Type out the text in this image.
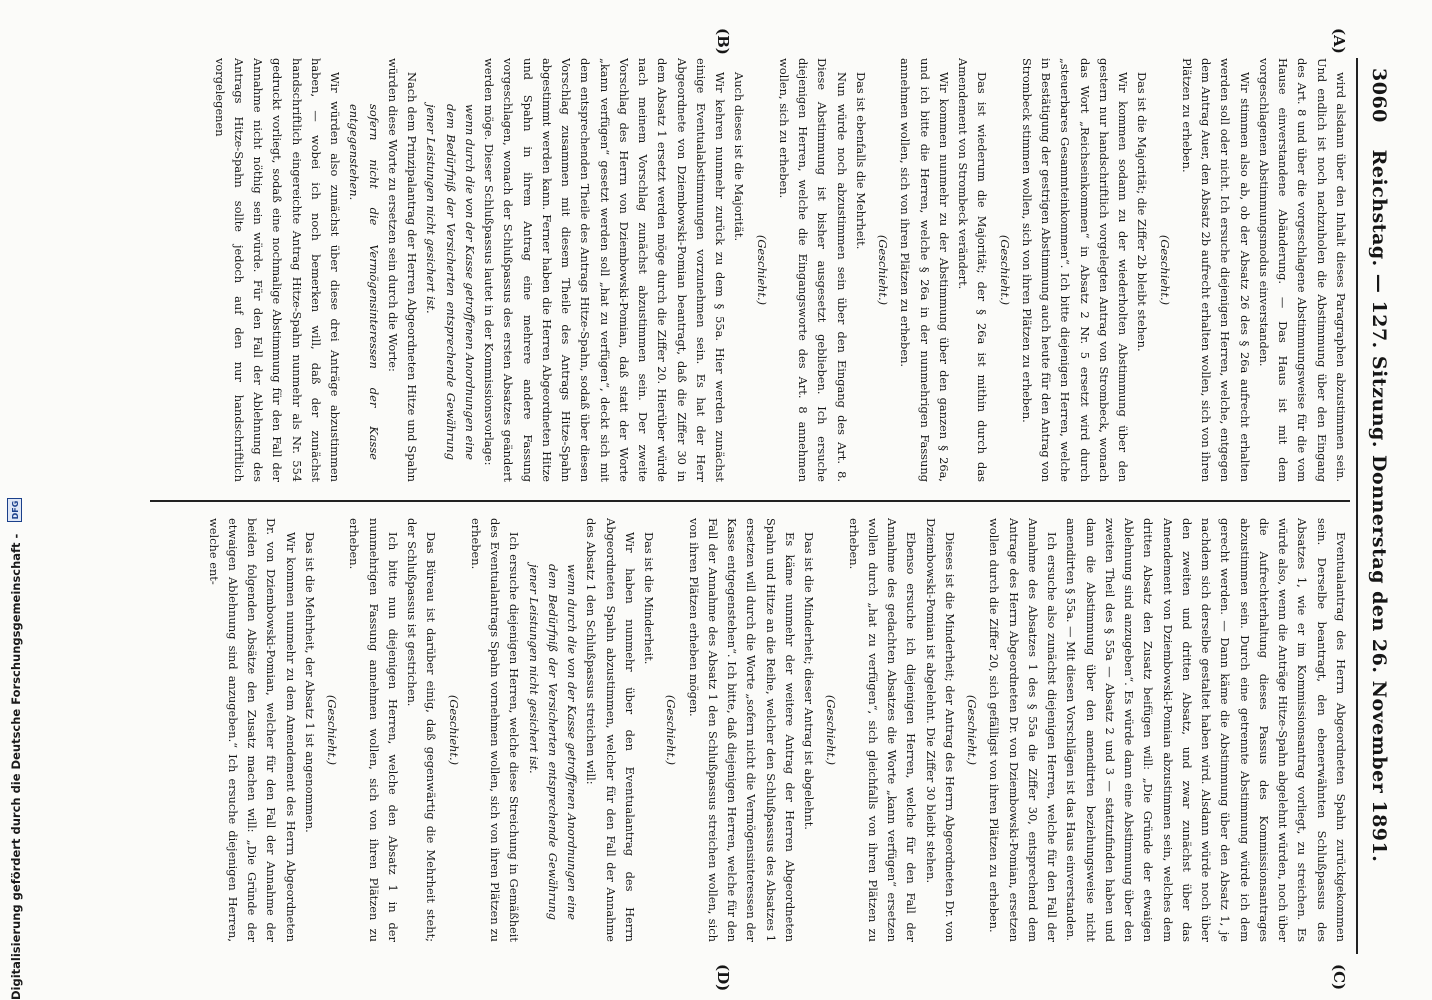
Reichstag. — 127. Sitzung. Donnerstag den 26. November 1891.
3060
(A)
(B)
(C)
(D)

wird alsdann über den Inhalt dieses Paragraphen abzustimmen sein. Und endlich ist noch nachzuholen die Abstimmung über den Eingang des Art. 8 und über die vorgeschlagene Abstimmungsweise für die vom Hause einverstandene Abänderung. — Das Haus ist mit dem vorgeschlagenen Abstimmungsmodus einverstanden.

Wir stimmen also ab, ob der Absatz 26 des § 26a aufrecht erhalten werden soll oder nicht. Ich ersuche diejenigen Herren, welche, entgegen dem Antrag Auer, den Absatz 2b aufrecht erhalten wollen, sich von ihren Plätzen zu erheben.

(Geschieht.)

Das ist die Majorität; die Ziffer 2b bleibt stehen.

Wir kommen sodann zu der wiederholten Abstimmung über den gestern nur handschriftlich vorgelegten Antrag von Strombeck, wonach das Wort „Reichseinkommen“ in Absatz 2 Nr. 5 ersetzt wird durch „steuerbares Gesammteinkommen“. Ich bitte diejenigen Herren, welche in Bestätigung der gestrigen Abstimmung auch heute für den Antrag von Strombeck stimmen wollen, sich von ihren Plätzen zu erheben.

(Geschieht.)

Das ist wiederum die Majorität; der § 26a ist mithin durch das Amendement von Strombeck verändert.

Wir kommen nunmehr zu der Abstimmung über den ganzen § 26a, und ich bitte die Herren, welche § 26a in der nunmehrigen Fassung annehmen wollen, sich von ihren Plätzen zu erheben.

(Geschieht.)

Das ist ebenfalls die Mehrheit.

Nun würde noch abzustimmen sein über den Eingang des Art. 8. Diese Abstimmung ist bisher ausgesetzt geblieben. Ich ersuche diejenigen Herren, welche die Eingangsworte des Art. 8 annehmen wollen, sich zu erheben.

(Geschieht.)

Auch dieses ist die Majorität.

Wir kehren nunmehr zurück zu dem § 55a. Hier werden zunächst einige Eventualabstimmungen vorzunehmen sein. Es hat der Herr Abgeordnete von Dziembowski-Pomian beantragt, daß die Ziffer 30 in dem Absatz 1 ersetzt werden möge durch die Ziffer 20. Hierüber würde nach meinem Vorschlag zunächst abzustimmen sein. Der zweite Vorschlag des Herrn von Dziembowski-Pomian, daß statt der Worte „kann verfügen“ gesetzt werden soll „hat zu verfügen“, deckt sich mit dem entsprechenden Theile des Antrags Hitze-Spahn, sodaß über diesen Vorschlag zusammen mit diesem Theile des Antrags Hitze-Spahn abgestimmt werden kann. Ferner haben die Herren Abgeordneten Hitze und Spahn in ihrem Antrag eine mehrere andere Fassung vorgeschlagen, wonach der Schlußpassus des ersten Absatzes geändert werden möge. Dieser Schlußpassus lautet in der Kommissionsvorlage:

wenn durch die von der Kasse getroffenen Anordnungen eine dem Bedürfniß der Versicherten entsprechende Gewährung jener Leistungen nicht gesichert ist.

Nach dem Prinzipalantrag der Herren Abgeordneten Hitze und Spahn würden diese Worte zu ersetzen sein durch die Worte:

sofern nicht die Vermögensinteressen der Kasse entgegenstehen.

Wir würden also zunächst über diese drei Anträge abzustimmen haben, — wobei ich noch bemerken will, daß der zunächst handschriftlich eingereichte Antrag Hitze-Spahn nunmehr als Nr. 554 gedruckt vorliegt, sodaß eine nochmalige Abstimmung für den Fall der Annahme nicht nöthig sein würde. Für den Fall der Ablehnung des Antrags Hitze-Spahn sollte jedoch auf den nur handschriftlich vorgelegenen

Eventualantrag des Herrn Abgeordneten Spahn zurückgekommen sein. Derselbe beantragt, den ebenerwähnten Schlußpassus des Absatzes 1, wie er im Kommissionsantrag vorliegt, zu streichen. Es würde also, wenn die Anträge Hitze-Spahn abgelehnt würden, noch über die Aufrechterhaltung dieses Passus des Kommissionsantrages abzustimmen sein. Durch eine getrennte Abstimmung würde ich dem gerecht werden. — Dann käme die Abstimmung über den Absatz 1, je nachdem sich derselbe gestaltet haben wird. Alsdann würde noch über den zweiten und dritten Absatz, und zwar zunächst über das Amendement von Dziembowski-Pomian abzustimmen sein, welches dem dritten Absatz den Zusatz beifügen will: „Die Gründe der etwaigen Ablehnung sind anzugeben“. Es würde dann eine Abstimmung über den zweiten Theil des § 55a — Absatz 2 und 3 — stattzufinden haben und dann die Abstimmung über den amendirten beziehungsweise nicht amendirten § 55a. — Mit diesen Vorschlägen ist das Haus einverstanden.

Ich ersuche also zunächst diejenigen Herren, welche für den Fall der Annahme des Absatzes 1 des § 55a die Ziffer 30, entsprechend dem Antrage des Herrn Abgeordneten Dr. von Dziembowski-Pomian, ersetzen wollen durch die Ziffer 20, sich gefälligst von ihren Plätzen zu erheben.

(Geschieht.)

Dieses ist die Minderheit; der Antrag des Herrn Abgeordneten Dr. von Dziembowski-Pomian ist abgelehnt. Die Ziffer 30 bleibt stehen.

Ebenso ersuche ich diejenigen Herren, welche für den Fall der Annahme des gedachten Absatzes die Worte „kann verfügen“ ersetzen wollen durch „hat zu verfügen“, sich gleichfalls von ihren Plätzen zu erheben.

(Geschieht.)

Das ist die Minderheit; dieser Antrag ist abgelehnt.

Es käme nunmehr der weitere Antrag der Herren Abgeordneten Spahn und Hitze an die Reihe, welcher den Schlußpassus des Absatzes 1 ersetzen will durch die Worte „sofern nicht die Vermögensinteressen der Kasse entgegenstehen“. Ich bitte, daß diejenigen Herren, welche für den Fall der Annahme des Absatz 1 den Schlußpassus streichen wollen, sich von ihren Plätzen erheben mögen.

(Geschieht.)

Das ist die Minderheit.

Wir haben nunmehr über den Eventualantrag des Herrn Abgeordneten Spahn abzustimmen, welcher für den Fall der Annahme des Absatz 1 den Schlußpassus streichen will:

wenn durch die von der Kasse getroffenen Anordnungen eine dem Bedürfniß der Versicherten entsprechende Gewährung jener Leistungen nicht gesichert ist.

Ich ersuche diejenigen Herren, welche diese Streichung in Gemäßheit des Eventualantrags Spahn vornehmen wollen, sich von ihren Plätzen zu erheben.

(Geschieht.)

Das Büreau ist darüber einig, daß gegenwärtig die Mehrheit steht; der Schlußpassus ist gestrichen.

Ich bitte nun diejenigen Herren, welche den Absatz 1 in der nunmehrigen Fassung annehmen wollen, sich von ihren Plätzen zu erheben.

(Geschieht.)

Das ist die Mehrheit, der Absatz 1 ist angenommen.

Wir kommen nunmehr zu dem Amendement des Herrn Abgeordneten Dr. von Dziembowski-Pomian, welcher für den Fall der Annahme der beiden folgenden Absätze den Zusatz machen will: „Die Gründe der etwaigen Ablehnung sind anzugeben.“ Ich ersuche diejenigen Herren, welche ent-

Digitalisierung gefördert durch die Deutsche Forschungsgemeinschaft -
DFG
